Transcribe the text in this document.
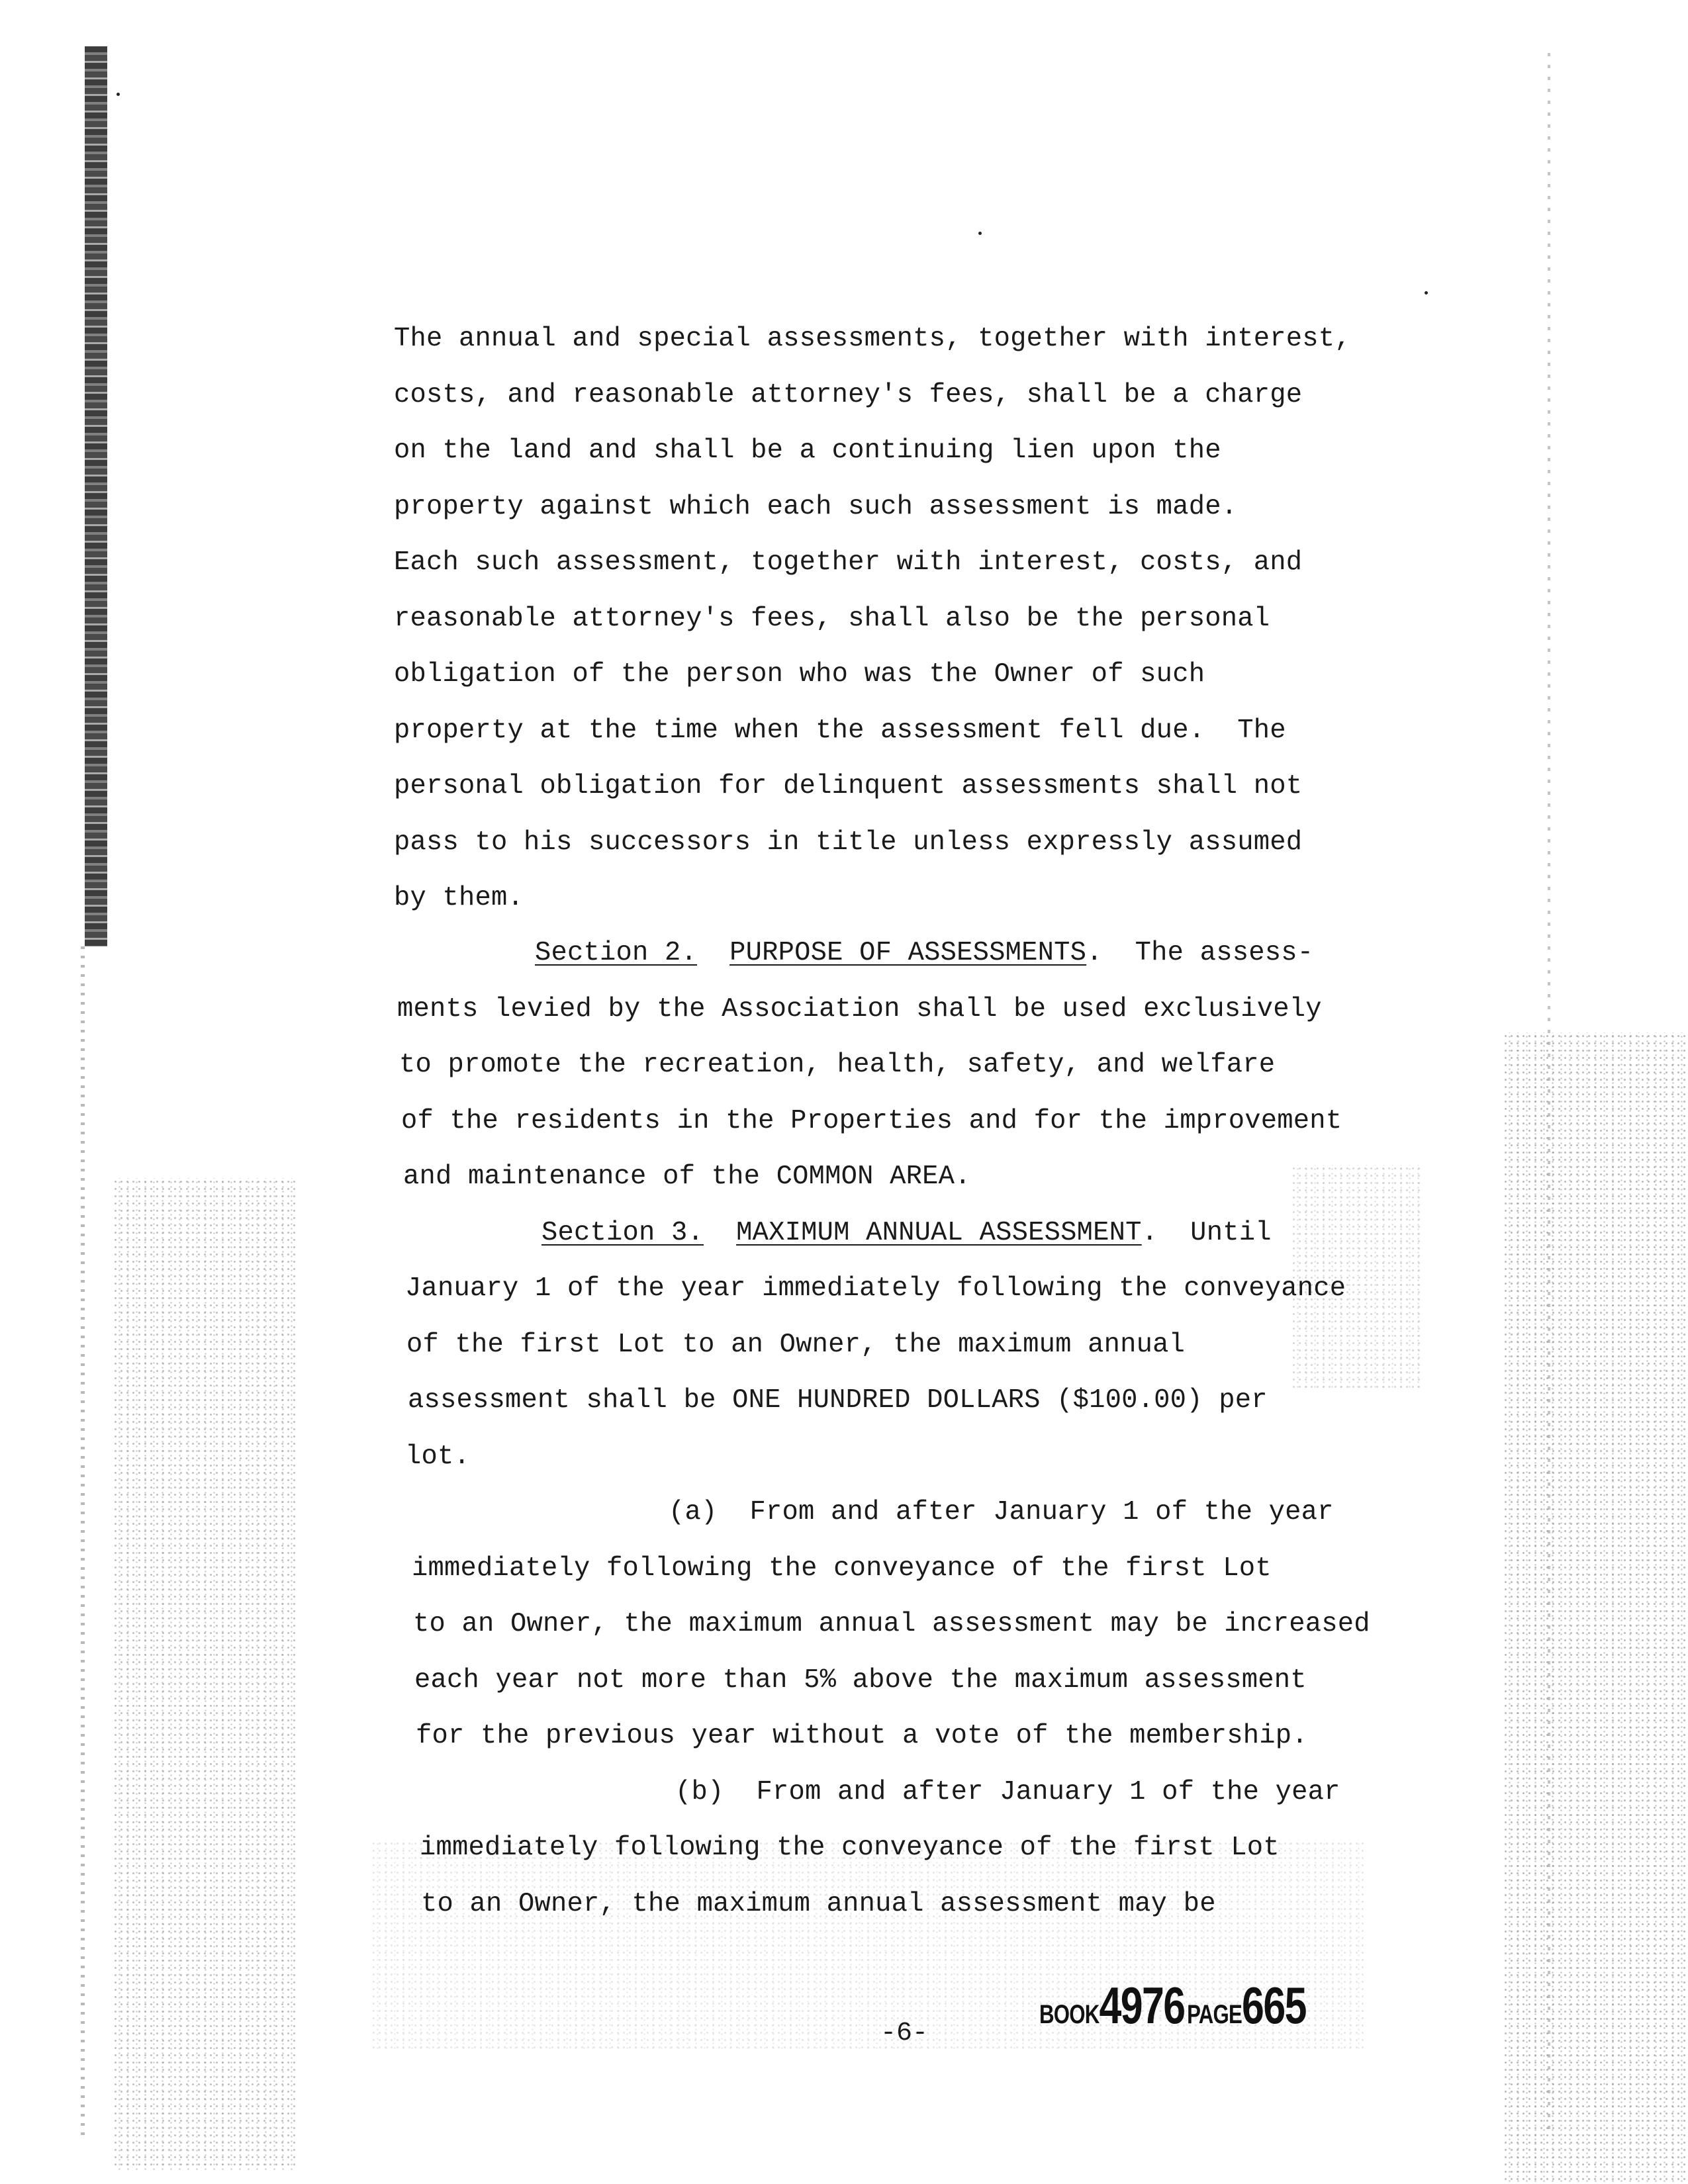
The annual and special assessments, together with interest,
costs, and reasonable attorney's fees, shall be a charge
on the land and shall be a continuing lien upon the
property against which each such assessment is made.
Each such assessment, together with interest, costs, and
reasonable attorney's fees, shall also be the personal
obligation of the person who was the Owner of such
property at the time when the assessment fell due.  The
personal obligation for delinquent assessments shall not
pass to his successors in title unless expressly assumed
by them.
Section 2. PURPOSE OF ASSESSMENTS.  The assess-
ments levied by the Association shall be used exclusively
to promote the recreation, health, safety, and welfare
of the residents in the Properties and for the improvement
and maintenance of the COMMON AREA.
Section 3. MAXIMUM ANNUAL ASSESSMENT.  Until
January 1 of the year immediately following the conveyance
of the first Lot to an Owner, the maximum annual
assessment shall be ONE HUNDRED DOLLARS ($100.00) per
lot.
(a)  From and after January 1 of the year
immediately following the conveyance of the first Lot
to an Owner, the maximum annual assessment may be increased
each year not more than 5% above the maximum assessment
for the previous year without a vote of the membership.
(b)  From and after January 1 of the year
immediately following the conveyance of the first Lot
to an Owner, the maximum annual assessment may be
-6-
BOOK4976 PAGE665
